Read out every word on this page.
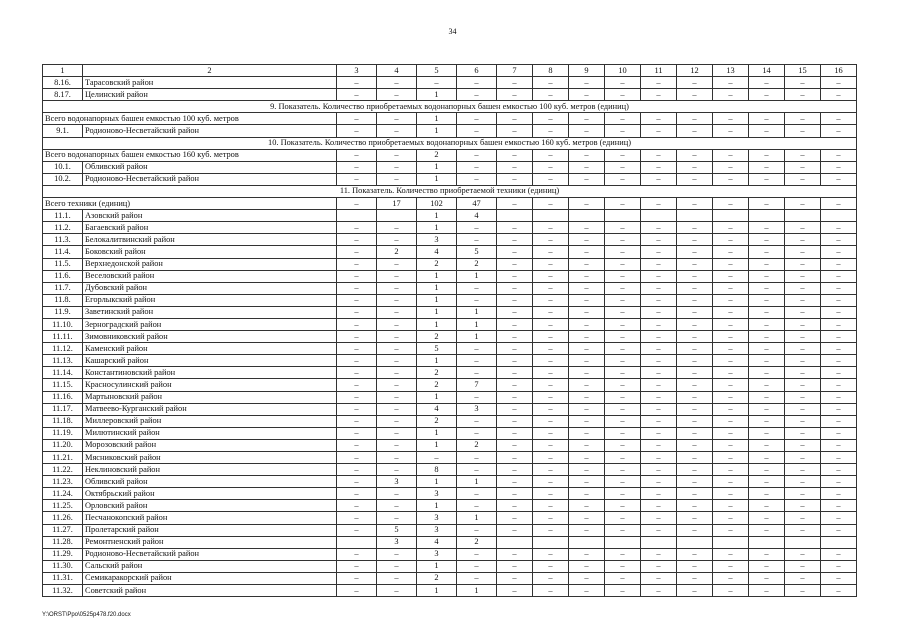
34
1	2	3	4	5	6	7	8	9	10	11	12	13	14	15	16
8.16.	Тарасовский район	–	–	–	–	–	–	–	–	–	–	–	–	–	–
8.17.	Целинский район	–	–	1	–	–	–	–	–	–	–	–	–	–	–
9. Показатель. Количество приобретаемых водонапорных башен емкостью 100 куб. метров (единиц)															
Всего водонапорных башен емкостью 100 куб. метров		–	–	1	–	–	–	–	–	–	–	–	–	–	–
9.1.	Родионово-Несветайский район	–	–	1	–	–	–	–	–	–	–	–	–	–	–
10. Показатель. Количество приобретаемых водонапорных башен емкостью 160 куб. метров (единиц)															
Всего водонапорных башен емкостью 160 куб. метров		–	–	2	–	–	–	–	–	–	–	–	–	–	–
10.1.	Обливский район	–	–	1	–	–	–	–	–	–	–	–	–	–	–
10.2.	Родионово-Несветайский район	–	–	1	–	–	–	–	–	–	–	–	–	–	–
11. Показатель. Количество приобретаемой техники (единиц)															
Всего техники (единиц)		–	17	102	47	–	–	–	–	–	–	–	–	–	–
11.1.	Азовский район			1	4										
11.2.	Багаевский район	–	–	1	–	–	–	–	–	–	–	–	–	–	–
11.3.	Белокалитвинский район	–	–	3	–	–	–	–	–	–	–	–	–	–	–
11.4.	Боковский район	–	2	4	5	–	–	–	–	–	–	–	–	–	–
11.5.	Верхнедонской район	–	–	2	2	–	–	–	–	–	–	–	–	–	–
11.6.	Веселовский район	–	–	1	1	–	–	–	–	–	–	–	–	–	–
11.7.	Дубовский район	–	–	1	–	–	–	–	–	–	–	–	–	–	–
11.8.	Егорлыкский район	–	–	1	–	–	–	–	–	–	–	–	–	–	–
11.9.	Заветинский район	–	–	1	1	–	–	–	–	–	–	–	–	–	–
11.10.	Зерноградский район	–	–	1	1	–	–	–	–	–	–	–	–	–	–
11.11.	Зимовниковский район	–	–	2	1	–	–	–	–	–	–	–	–	–	–
11.12.	Каменский район	–	–	5	–	–	–	–	–	–	–	–	–	–	–
11.13.	Кашарский район	–	–	1	–	–	–	–	–	–	–	–	–	–	–
11.14.	Константиновский район	–	–	2	–	–	–	–	–	–	–	–	–	–	–
11.15.	Красносулинский район	–	–	2	7	–	–	–	–	–	–	–	–	–	–
11.16.	Мартыновский район	–	–	1	–	–	–	–	–	–	–	–	–	–	–
11.17.	Матвеево-Курганский район	–	–	4	3	–	–	–	–	–	–	–	–	–	–
11.18.	Миллеровский район	–	–	2	–	–	–	–	–	–	–	–	–	–	–
11.19.	Милютинский район	–	–	1	–	–	–	–	–	–	–	–	–	–	–
11.20.	Морозовский район	–	–	1	2	–	–	–	–	–	–	–	–	–	–
11.21.	Мясниковский район	–	–	–	–	–	–	–	–	–	–	–	–	–	–
11.22.	Неклиновский район	–	–	8	–	–	–	–	–	–	–	–	–	–	–
11.23.	Обливский район	–	3	1	1	–	–	–	–	–	–	–	–	–	–
11.24.	Октябрьский район	–	–	3	–	–	–	–	–	–	–	–	–	–	–
11.25.	Орловский район	–	–	1	–	–	–	–	–	–	–	–	–	–	–
11.26.	Песчанокопский район	–	–	3	1	–	–	–	–	–	–	–	–	–	–
11.27.	Пролетарский район	–	5	3	–	–	–	–	–	–	–	–	–	–	–
11.28.	Ремонтненский район		3	4	2										
11.29.	Родионово-Несветайский район	–	–	3	–	–	–	–	–	–	–	–	–	–	–
11.30.	Сальский район	–	–	1	–	–	–	–	–	–	–	–	–	–	–
11.31.	Семикаракорский район	–	–	2	–	–	–	–	–	–	–	–	–	–	–
11.32.	Советский район	–	–	1	1	–	–	–	–	–	–	–	–	–	–
Y:\ORST\Ppo\0525p478.f20.docx
